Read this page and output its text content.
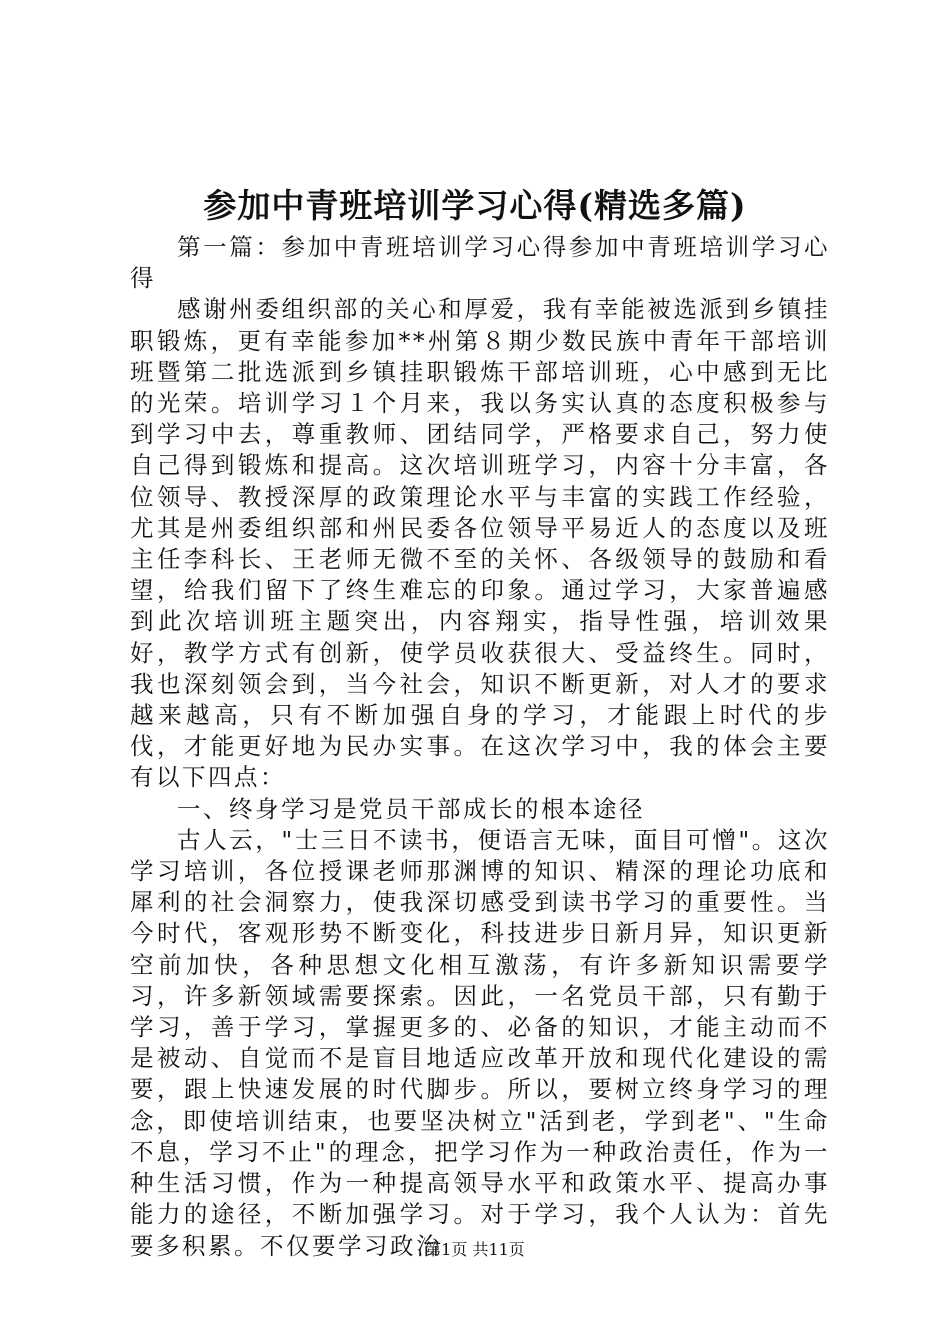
参加中青班培训学习心得(精选多篇)

第一篇：参加中青班培训学习心得参加中青班培训学习心得

感谢州委组织部的关心和厚爱，我有幸能被选派到乡镇挂职锻炼，更有幸能参加**州第８期少数民族中青年干部培训班暨第二批选派到乡镇挂职锻炼干部培训班，心中感到无比的光荣。培训学习１个月来，我以务实认真的态度积极参与到学习中去，尊重教师、团结同学，严格要求自己，努力使自己得到锻炼和提高。这次培训班学习，内容十分丰富，各位领导、教授深厚的政策理论水平与丰富的实践工作经验，尤其是州委组织部和州民委各位领导平易近人的态度以及班主任李科长、王老师无微不至的关怀、各级领导的鼓励和看望，给我们留下了终生难忘的印象。通过学习，大家普遍感到此次培训班主题突出，内容翔实，指导性强，培训效果好，教学方式有创新，使学员收获很大、受益终生。同时，我也深刻领会到，当今社会，知识不断更新，对人才的要求越来越高，只有不断加强自身的学习，才能跟上时代的步伐，才能更好地为民办实事。在这次学习中，我的体会主要有以下四点：

一、终身学习是党员干部成长的根本途径

古人云，"士三日不读书，便语言无味，面目可憎"。这次学习培训，各位授课老师那渊博的知识、精深的理论功底和犀利的社会洞察力，使我深切感受到读书学习的重要性。当今时代，客观形势不断变化，科技进步日新月异，知识更新空前加快，各种思想文化相互激荡，有许多新知识需要学习，许多新领域需要探索。因此，一名党员干部，只有勤于学习，善于学习，掌握更多的、必备的知识，才能主动而不是被动、自觉而不是盲目地适应改革开放和现代化建设的需要，跟上快速发展的时代脚步。所以，要树立终身学习的理念，即使培训结束，也要坚决树立"活到老，学到老"、"生命不息，学习不止"的理念，把学习作为一种政治责任，作为一种生活习惯，作为一种提高领导水平和政策水平、提高办事能力的途径，不断加强学习。对于学习，我个人认为：首先要多积累。不仅要学习政治

第1页 共11页
